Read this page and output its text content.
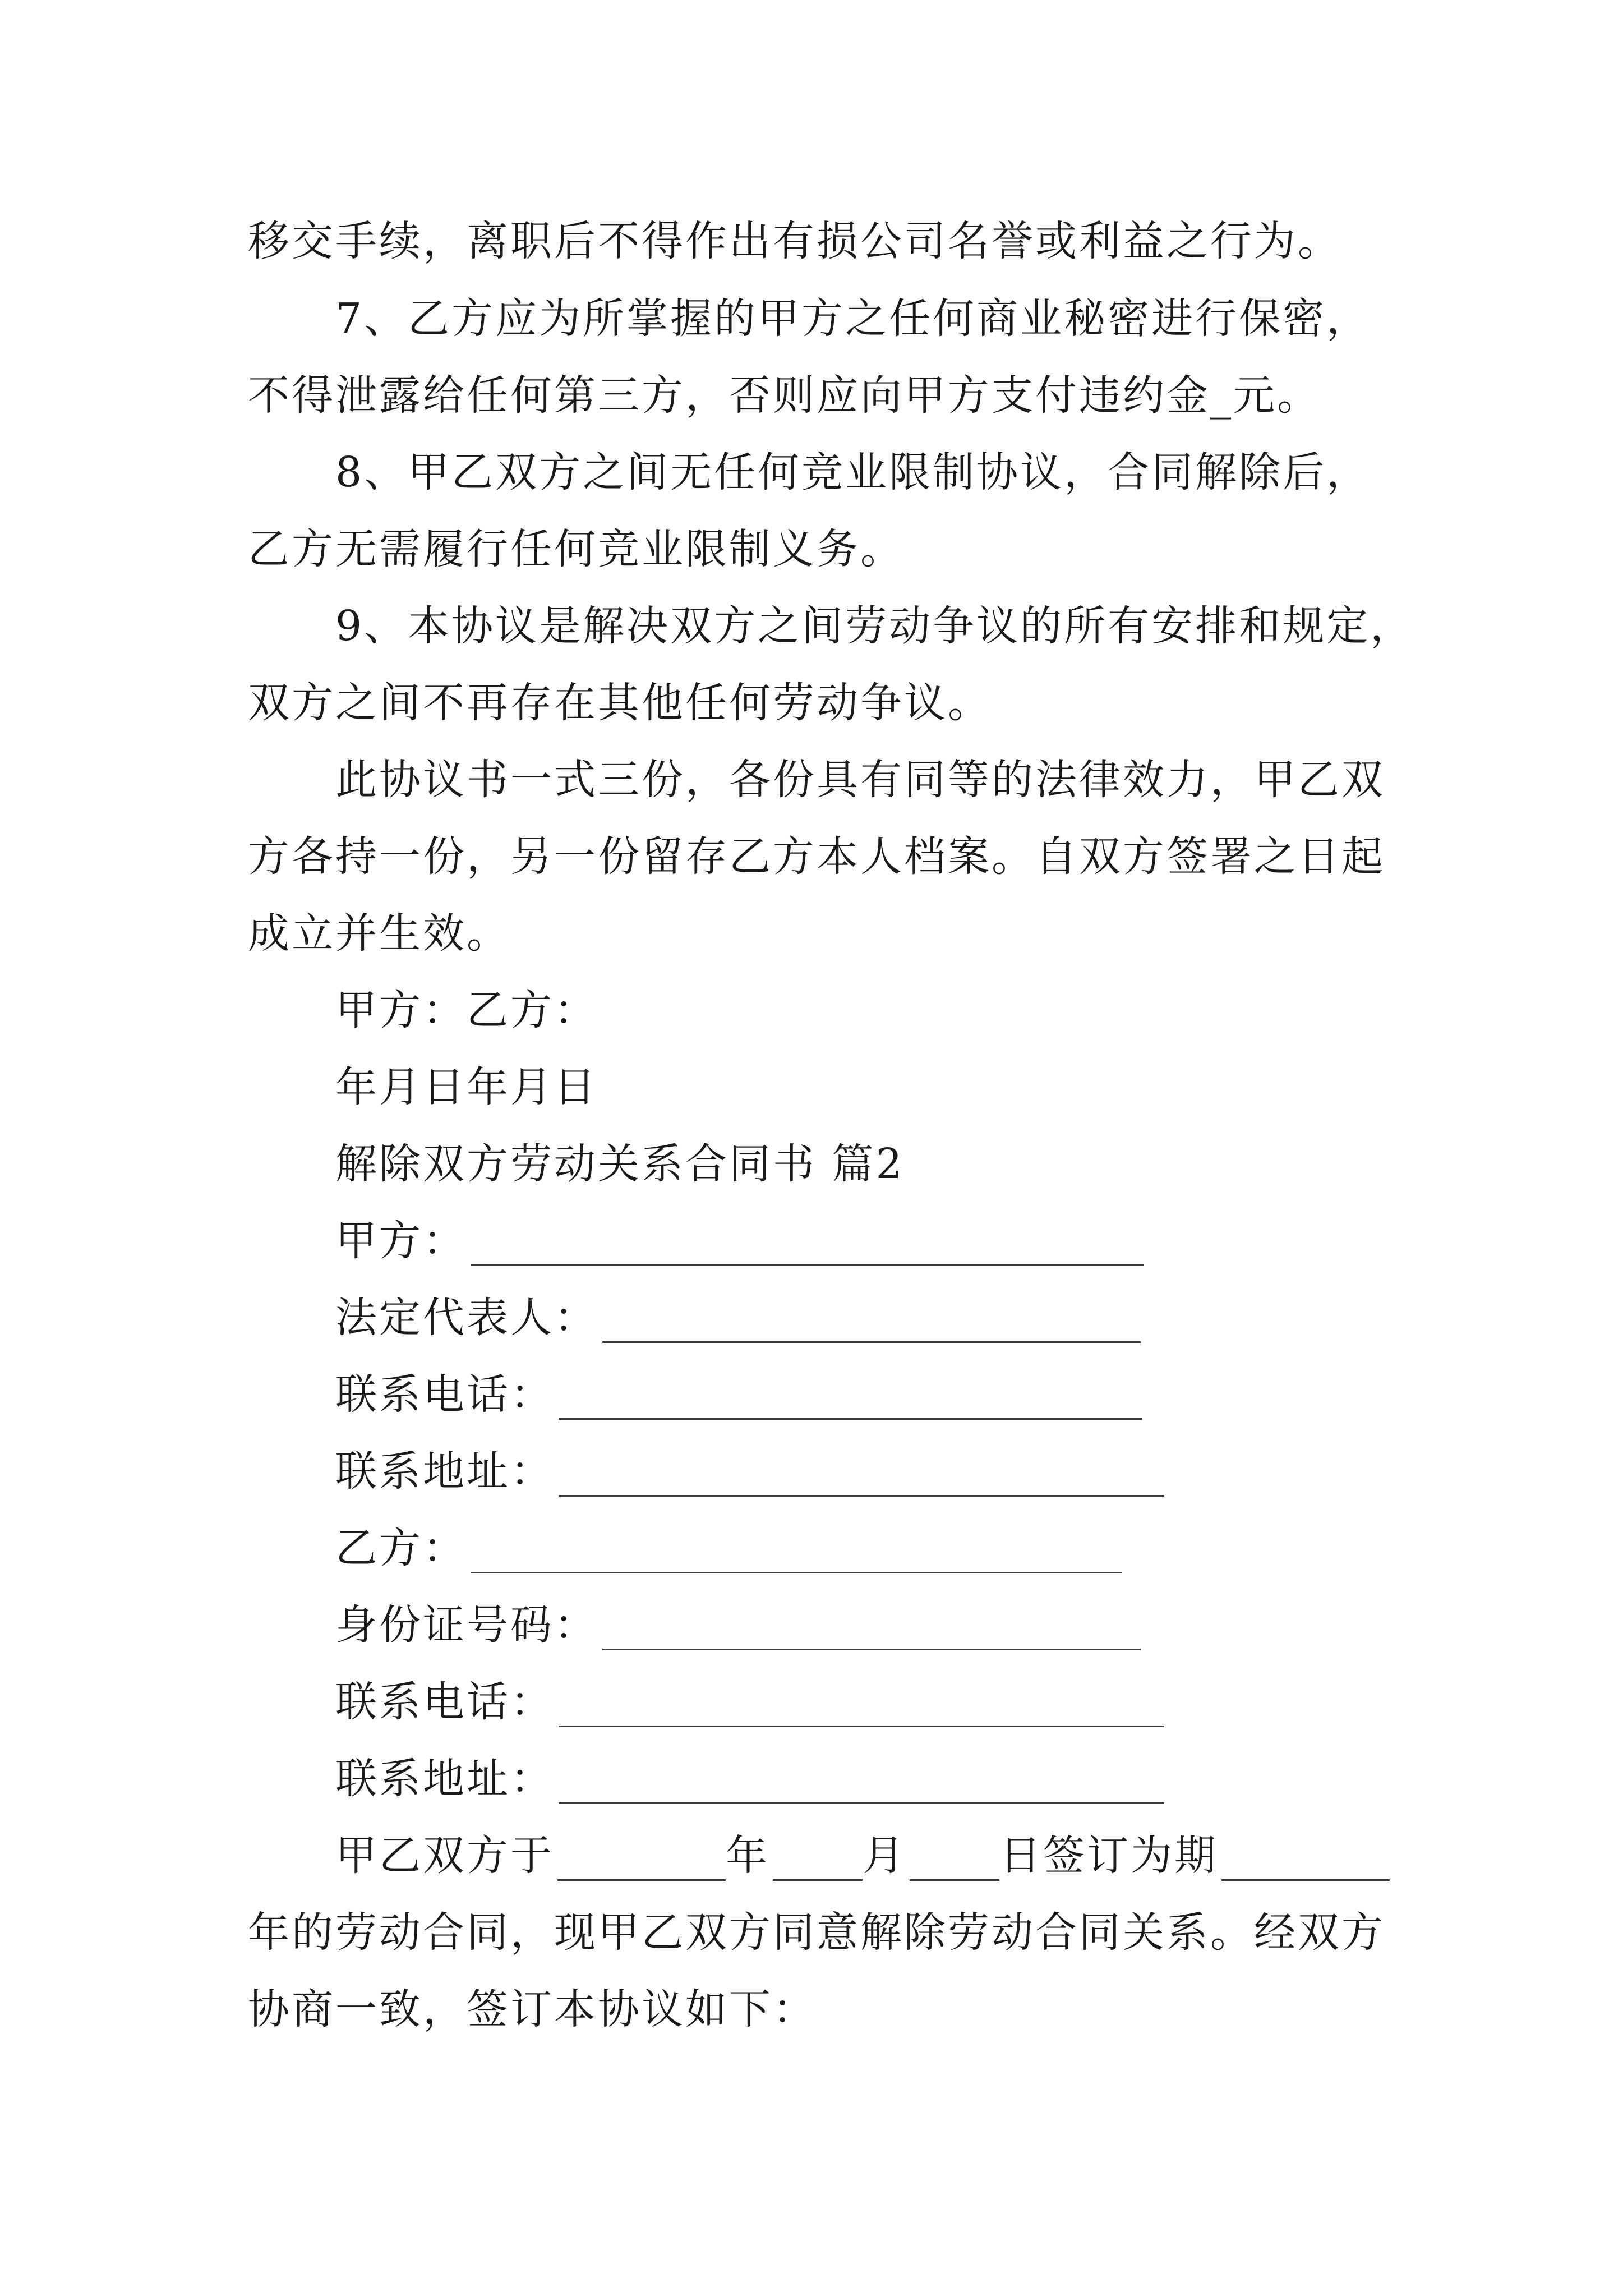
移交手续，离职后不得作出有损公司名誉或利益之行为。
7、乙方应为所掌握的甲方之任何商业秘密进行保密，
不得泄露给任何第三方，否则应向甲方支付违约金_元。
8、甲乙双方之间无任何竞业限制协议，合同解除后，
乙方无需履行任何竞业限制义务。
9、本协议是解决双方之间劳动争议的所有安排和规定，
双方之间不再存在其他任何劳动争议。
此协议书一式三份，各份具有同等的法律效力，甲乙双
方各持一份，另一份留存乙方本人档案。自双方签署之日起
成立并生效。
甲方：乙方：
年月日年月日
解除双方劳动关系合同书 篇2
甲方：
法定代表人：
联系电话：
联系地址：
乙方：
身份证号码：
联系电话：
联系地址：
甲乙双方于	年 月 日签订为期
年的劳动合同，现甲乙双方同意解除劳动合同关系。经双方
协商一致，签订本协议如下：
